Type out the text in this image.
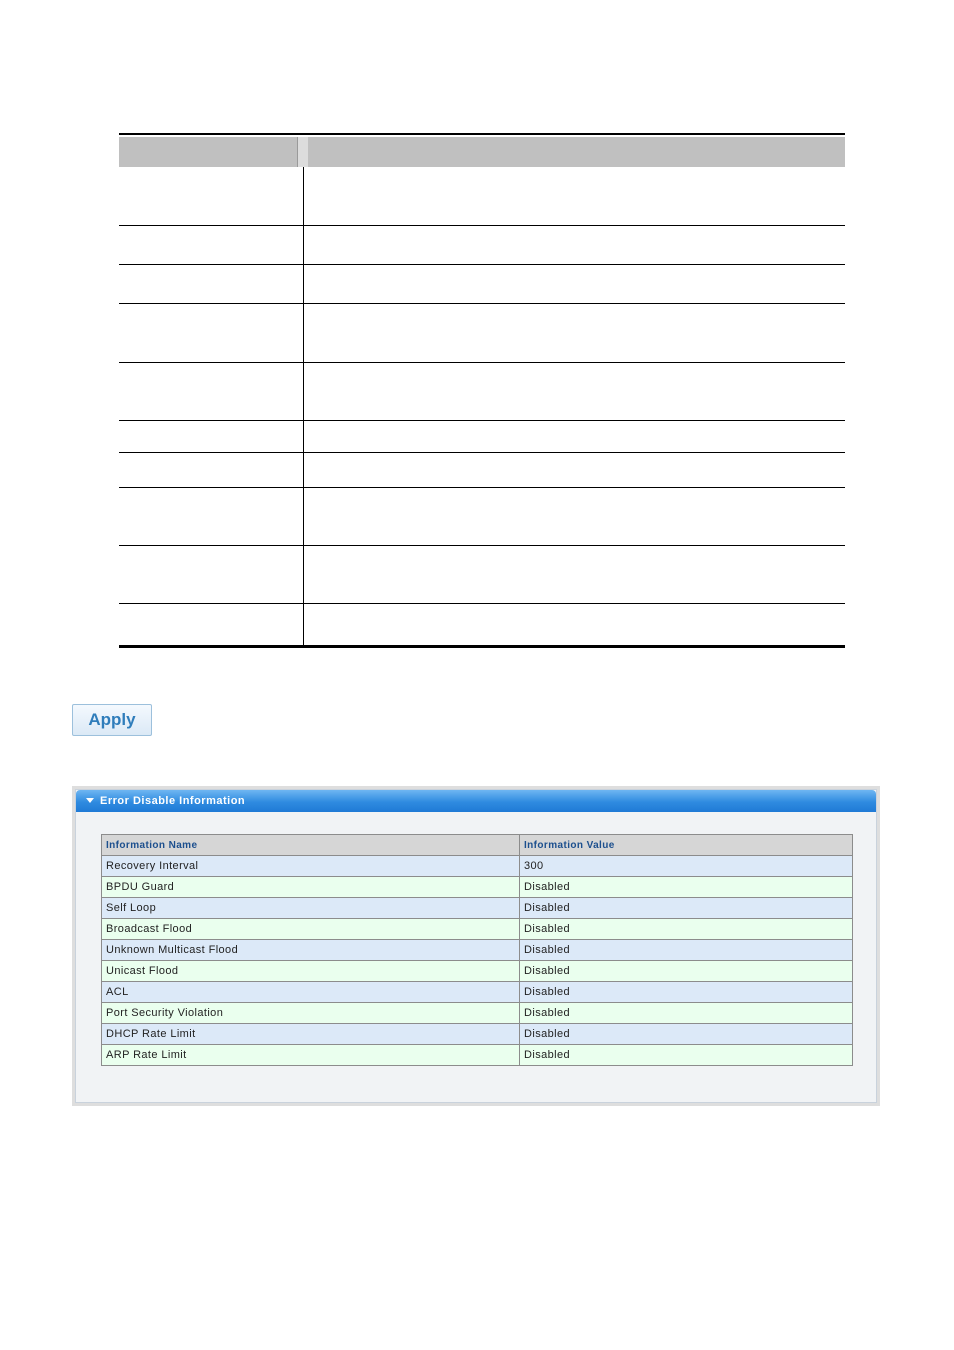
Apply
Error Disable Information
Information Name	Information Value
Recovery Interval	300
BPDU Guard	Disabled
Self Loop	Disabled
Broadcast Flood	Disabled
Unknown Multicast Flood	Disabled
Unicast Flood	Disabled
ACL	Disabled
Port Security Violation	Disabled
DHCP Rate Limit	Disabled
ARP Rate Limit	Disabled
